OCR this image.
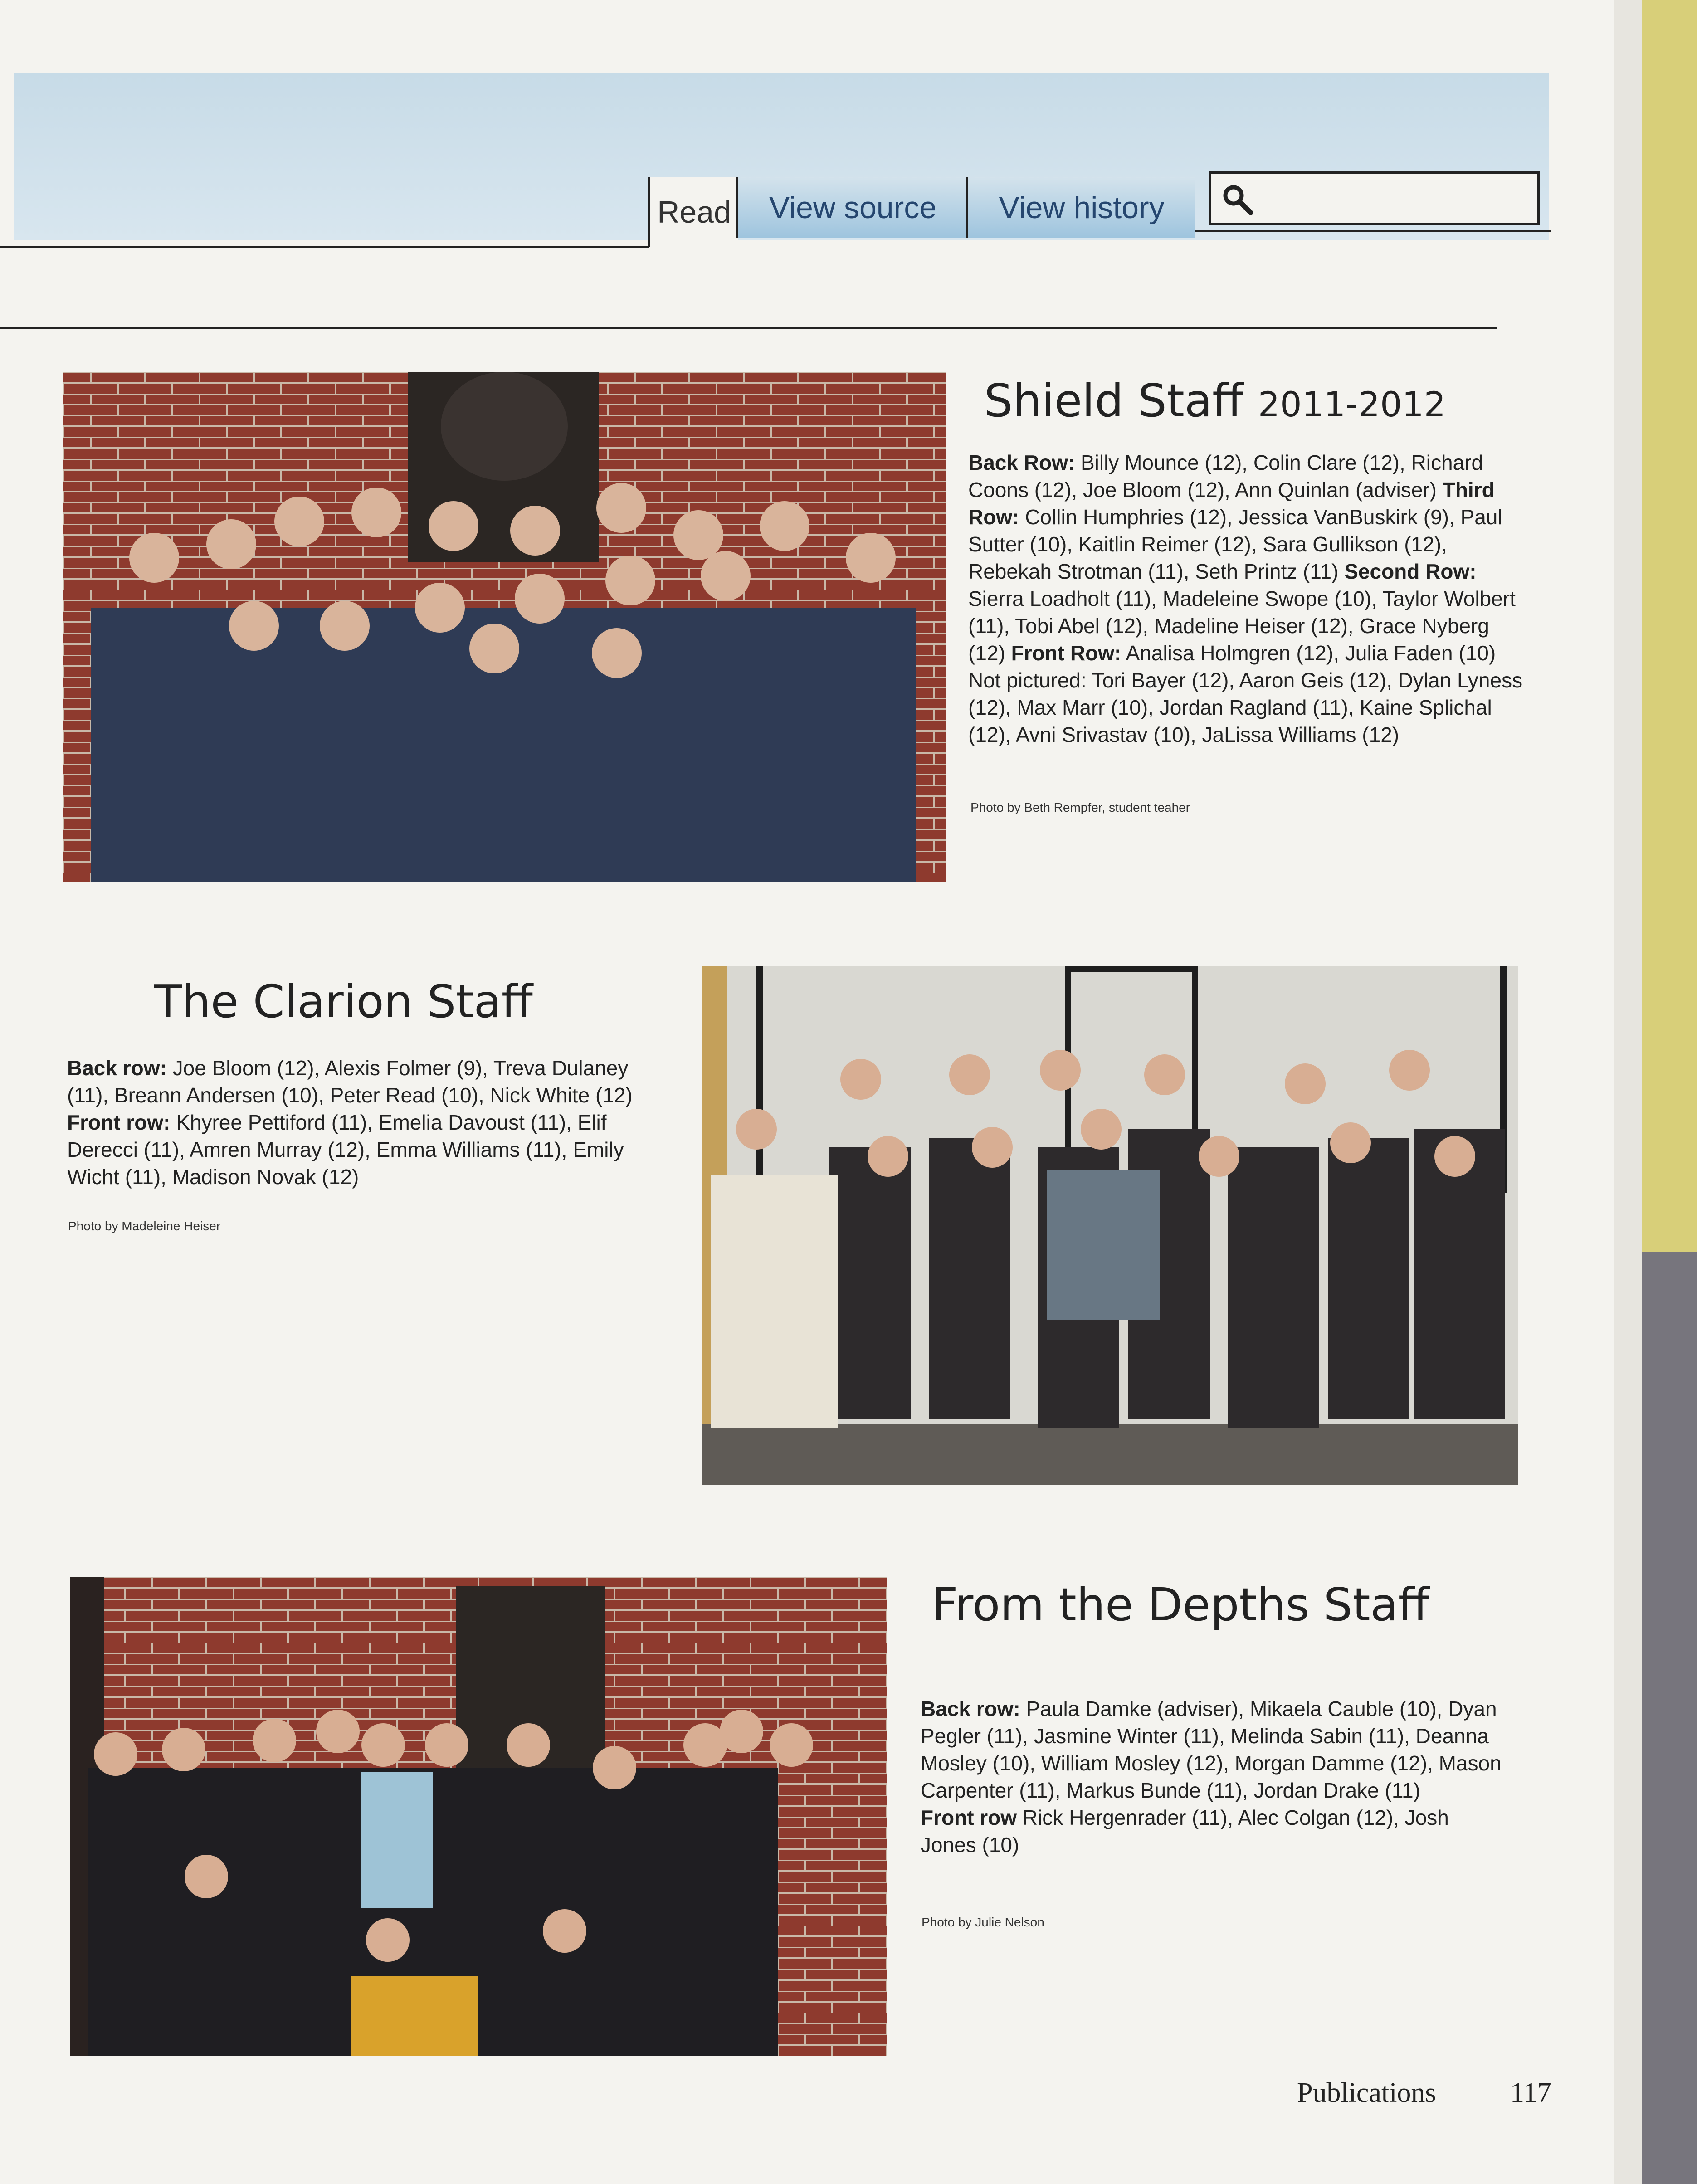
Read	View source	View history
Shield Staff 2011-2012
Back Row: Billy Mounce (12), Colin Clare (12), Richard Coons (12), Joe Bloom (12), Ann Quinlan (adviser) Third Row: Collin Humphries (12), Jessica VanBuskirk (9), Paul Sutter (10), Kaitlin Reimer (12), Sara Gullikson (12), Rebekah Strotman (11), Seth Printz (11) Second Row: Sierra Loadholt (11), Madeleine Swope (10), Taylor Wolbert (11), Tobi Abel (12), Madeline Heiser (12), Grace Nyberg (12) Front Row: Analisa Holmgren (12), Julia Faden (10)
Not pictured: Tori Bayer (12), Aaron Geis (12), Dylan Lyness (12), Max Marr (10), Jordan Ragland (11), Kaine Splichal (12), Avni Srivastav (10), JaLissa Williams (12)
Photo by Beth Rempfer, student teaher
The Clarion Staff
Back row: Joe Bloom (12), Alexis Folmer (9), Treva Dulaney (11), Breann Andersen (10), Peter Read (10), Nick White (12)
Front row: Khyree Pettiford (11), Emelia Davoust (11), Elif Derecci (11), Amren Murray (12), Emma Williams (11), Emily Wicht (11), Madison Novak (12)
Photo by Madeleine Heiser
From the Depths Staff
Back row: Paula Damke (adviser), Mikaela Cauble (10), Dyan Pegler (11), Jasmine Winter (11), Melinda Sabin (11), Deanna Mosley (10), William Mosley (12), Morgan Damme (12), Mason Carpenter (11), Markus Bunde (11), Jordan Drake (11)
Front row Rick Hergenrader (11), Alec Colgan (12), Josh Jones (10)
Photo by Julie Nelson
Publications	117
